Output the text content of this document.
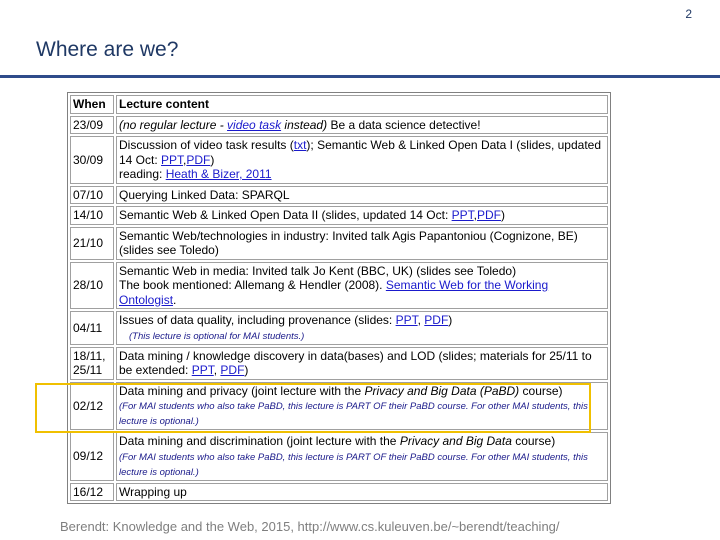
2
Where are we?
When	Lecture content
23/09	(no regular lecture - video task instead) Be a data science detective!
30/09	Discussion of video task results (txt); Semantic Web & Linked Open Data I (slides, updated 14 Oct: PPT,PDF)
reading: Heath & Bizer, 2011
07/10	Querying Linked Data: SPARQL
14/10	Semantic Web & Linked Open Data II (slides, updated 14 Oct: PPT,PDF)
21/10	Semantic Web/technologies in industry: Invited talk Agis Papantoniou (Cognizone, BE) (slides see Toledo)
28/10	Semantic Web in media: Invited talk Jo Kent (BBC, UK) (slides see Toledo)
The book mentioned: Allemang & Hendler (2008). Semantic Web for the Working Ontologist.
04/11	Issues of data quality, including provenance (slides: PPT, PDF)
(This lecture is optional for MAI students.)
18/11, 25/11	Data mining / knowledge discovery in data(bases) and LOD (slides; materials for 25/11 to be extended: PPT, PDF)
02/12	Data mining and privacy (joint lecture with the Privacy and Big Data (PaBD) course)
(For MAI students who also take PaBD, this lecture is PART OF their PaBD course. For other MAI students, this lecture is optional.)
09/12	Data mining and discrimination (joint lecture with the Privacy and Big Data course)
(For MAI students who also take PaBD, this lecture is PART OF their PaBD course. For other MAI students, this lecture is optional.)
16/12	Wrapping up
Berendt: Knowledge and the Web, 2015, http://www.cs.kuleuven.be/~berendt/teaching/
